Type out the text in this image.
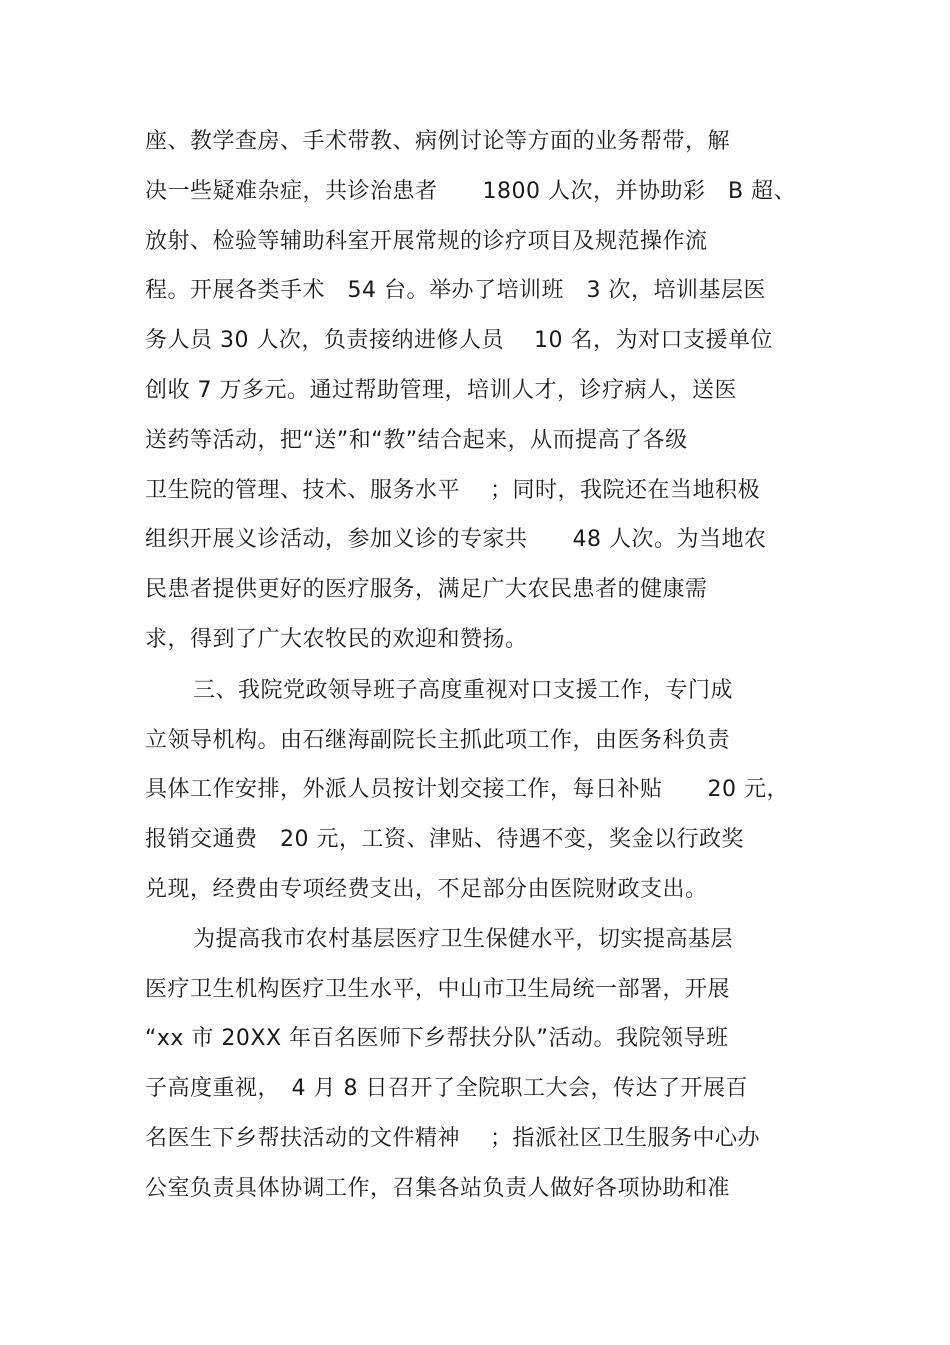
座、教学查房、手术带教、病例讨论等方面的业务帮带，解
决一些疑难杂症，共诊治患者　　1800 人次，并协助彩　B 超、
放射、检验等辅助科室开展常规的诊疗项目及规范操作流
程。开展各类手术　54 台。举办了培训班　3 次，培训基层医
务人员 30 人次，负责接纳进修人员　 10 名，为对口支援单位
创收 7 万多元。通过帮助管理，培训人才，诊疗病人，送医
送药等活动，把“送”和“教”结合起来，从而提高了各级
卫生院的管理、技术、服务水平　 ；同时，我院还在当地积极
组织开展义诊活动，参加义诊的专家共　　48 人次。为当地农
民患者提供更好的医疗服务，满足广大农民患者的健康需
求，得到了广大农牧民的欢迎和赞扬。
三、我院党政领导班子高度重视对口支援工作，专门成
立领导机构。由石继海副院长主抓此项工作，由医务科负责
具体工作安排，外派人员按计划交接工作，每日补贴　　20 元，
报销交通费　20 元，工资、津贴、待遇不变，奖金以行政奖
兑现，经费由专项经费支出，不足部分由医院财政支出。
为提高我市农村基层医疗卫生保健水平，切实提高基层
医疗卫生机构医疗卫生水平，中山市卫生局统一部署，开展
“xx 市 20XX 年百名医师下乡帮扶分队”活动。我院领导班
子高度重视，　4 月 8 日召开了全院职工大会，传达了开展百
名医生下乡帮扶活动的文件精神　 ；指派社区卫生服务中心办
公室负责具体协调工作，召集各站负责人做好各项协助和准
